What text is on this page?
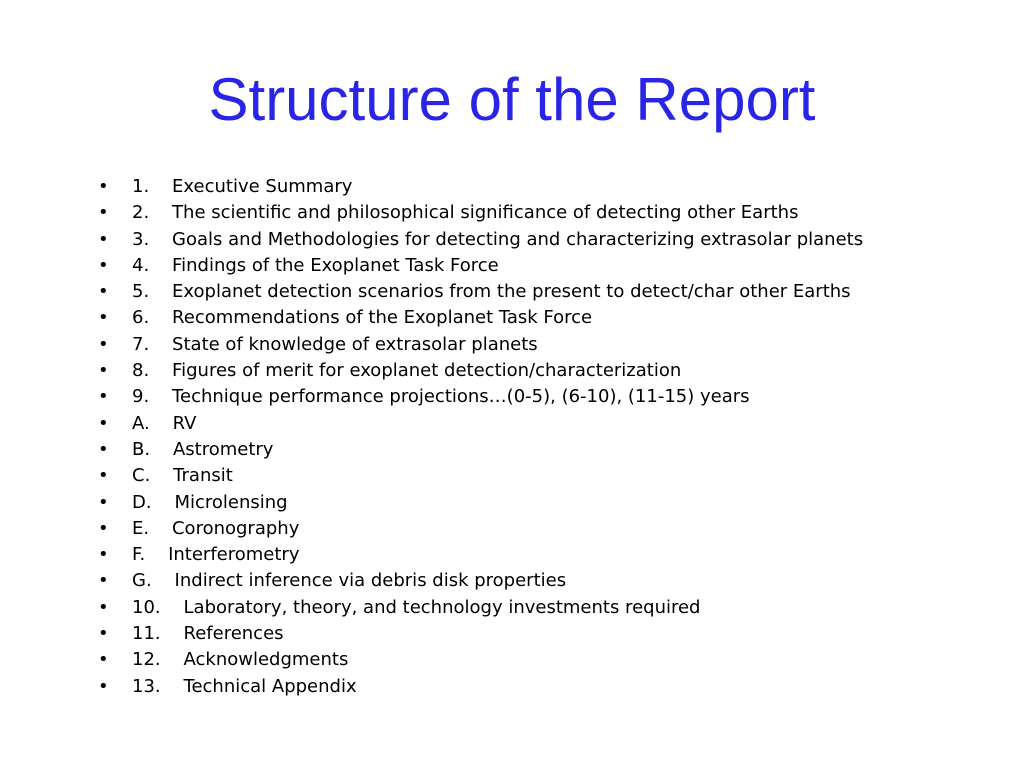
Structure of the Report
•	1.    Executive Summary
•	2.    The scientific and philosophical significance of detecting other Earths
•	3.    Goals and Methodologies for detecting and characterizing extrasolar planets
•	4.    Findings of the Exoplanet Task Force
•	5.    Exoplanet detection scenarios from the present to detect/char other Earths
•	6.    Recommendations of the Exoplanet Task Force
•	7.    State of knowledge of extrasolar planets
•	8.    Figures of merit for exoplanet detection/characterization
•	9.    Technique performance projections…(0-5), (6-10), (11-15) years
•	A.    RV
•	B.    Astrometry
•	C.    Transit
•	D.    Microlensing
•	E.    Coronography
•	F.    Interferometry
•	G.    Indirect inference via debris disk properties
•	10.    Laboratory, theory, and technology investments required
•	11.    References
•	12.    Acknowledgments
•	13.    Technical Appendix
